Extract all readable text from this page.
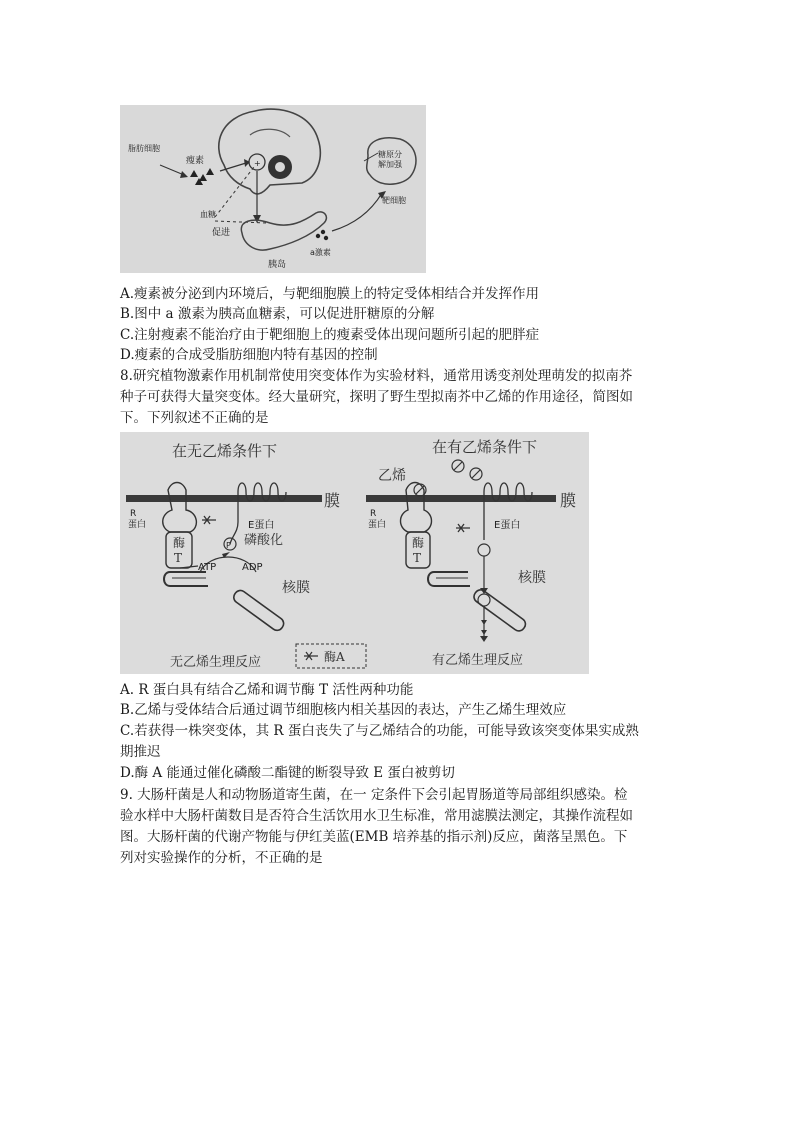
+
脂肪细胞
瘦素
血糖
促进
胰岛
a激素
糖原分
解加强
靶细胞
A.瘦素被分泌到内环境后，与靶细胞膜上的特定受体相结合并发挥作用
B.图中 a 激素为胰高血糖素，可以促进肝糖原的分解
C.注射瘦素不能治疗由于靶细胞上的瘦素受体出现问题所引起的肥胖症
D.瘦素的合成受脂肪细胞内特有基因的控制
8.研究植物激素作用机制常使用突变体作为实验材料，通常用诱变剂处理萌发的拟南芥
种子可获得大量突变体。经大量研究，探明了野生型拟南芥中乙烯的作用途径，简图如
下。下列叙述不正确的是
在无乙烯条件下	在有乙烯条件下
膜	膜
R
蛋白
酶
T
E蛋白
磷酸化
P
ATP	ADP
核膜
无乙烯生理反应	酶A
乙烯
R
蛋白
酶
T
E蛋白
核膜
有乙烯生理反应
A. R 蛋白具有结合乙烯和调节酶 T 活性两种功能
B.乙烯与受体结合后通过调节细胞核内相关基因的表达，产生乙烯生理效应
C.若获得一株突变体，其 R 蛋白丧失了与乙烯结合的功能，可能导致该突变体果实成熟
期推迟
D.酶 A 能通过催化磷酸二酯键的断裂导致 E 蛋白被剪切
9. 大肠杆菌是人和动物肠道寄生菌，在一 定条件下会引起胃肠道等局部组织感染。检
验水样中大肠杆菌数目是否符合生活饮用水卫生标准，常用滤膜法测定，其操作流程如
图。大肠杆菌的代谢产物能与伊红美蓝(EMB 培养基的指示剂)反应，菌落呈黑色。下
列对实验操作的分析，不正确的是
